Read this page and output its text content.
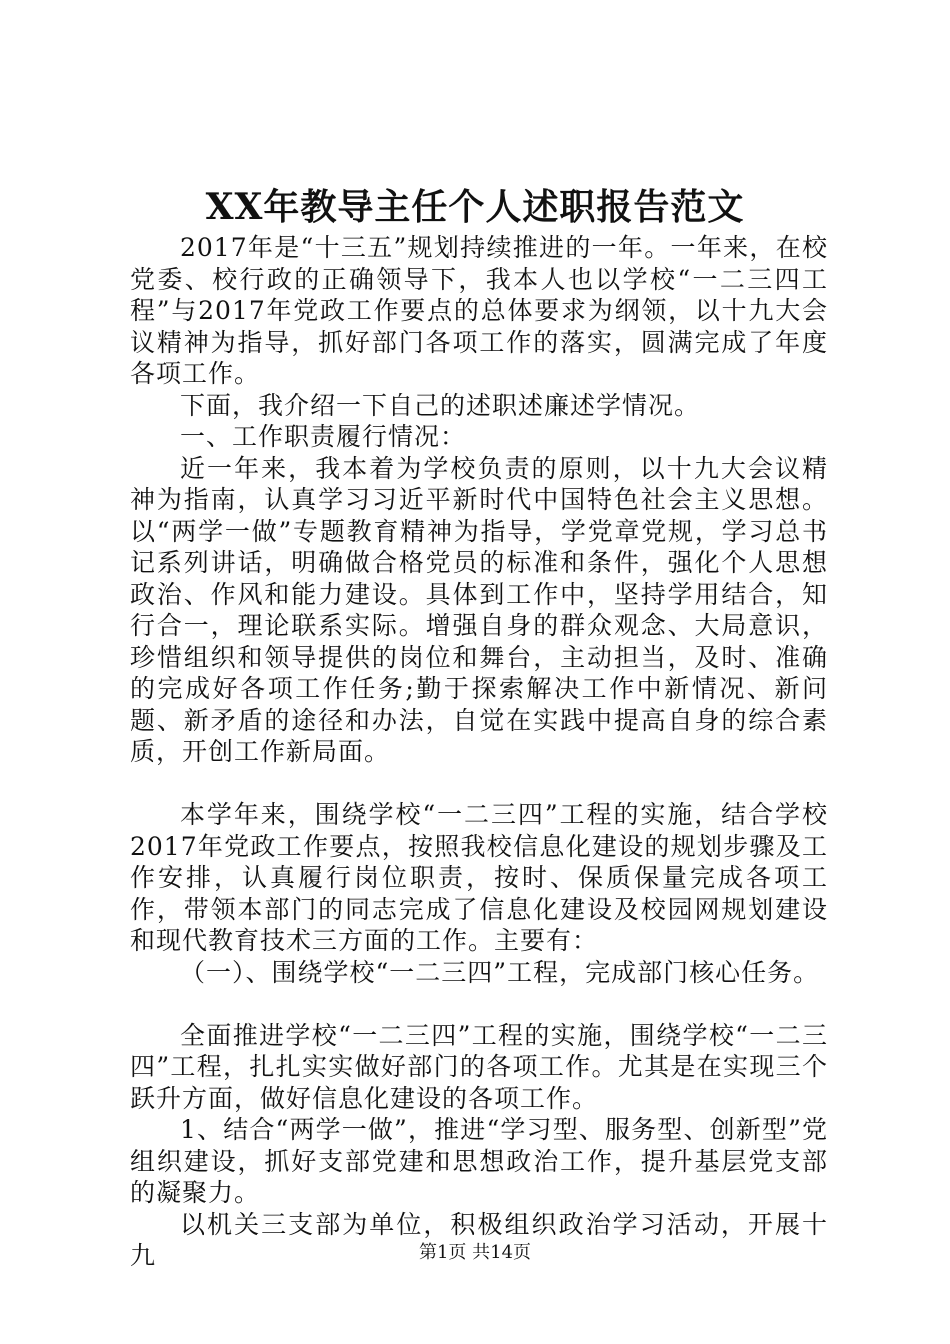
XX年教导主任个人述职报告范文

2017年是“十三五”规划持续推进的一年。一年来，在校党委、校行政的正确领导下，我本人也以学校“一二三四工程”与2017年党政工作要点的总体要求为纲领，以十九大会议精神为指导，抓好部门各项工作的落实，圆满完成了年度各项工作。

下面，我介绍一下自己的述职述廉述学情况。

一、工作职责履行情况：

近一年来，我本着为学校负责的原则，以十九大会议精神为指南，认真学习习近平新时代中国特色社会主义思想。以“两学一做”专题教育精神为指导，学党章党规，学习总书记系列讲话，明确做合格党员的标准和条件，强化个人思想政治、作风和能力建设。具体到工作中，坚持学用结合，知行合一，理论联系实际。增强自身的群众观念、大局意识，珍惜组织和领导提供的岗位和舞台，主动担当，及时、准确的完成好各项工作任务;勤于探索解决工作中新情况、新问题、新矛盾的途径和办法，自觉在实践中提高自身的综合素质，开创工作新局面。

本学年来，围绕学校“一二三四”工程的实施，结合学校2017年党政工作要点，按照我校信息化建设的规划步骤及工作安排，认真履行岗位职责，按时、保质保量完成各项工作，带领本部门的同志完成了信息化建设及校园网规划建设和现代教育技术三方面的工作。主要有：

（一）、围绕学校“一二三四”工程，完成部门核心任务。

全面推进学校“一二三四”工程的实施，围绕学校“一二三四”工程，扎扎实实做好部门的各项工作。尤其是在实现三个跃升方面，做好信息化建设的各项工作。

1、结合“两学一做”，推进“学习型、服务型、创新型”党组织建设，抓好支部党建和思想政治工作，提升基层党支部的凝聚力。

以机关三支部为单位，积极组织政治学习活动，开展十九	第1页 共14页
